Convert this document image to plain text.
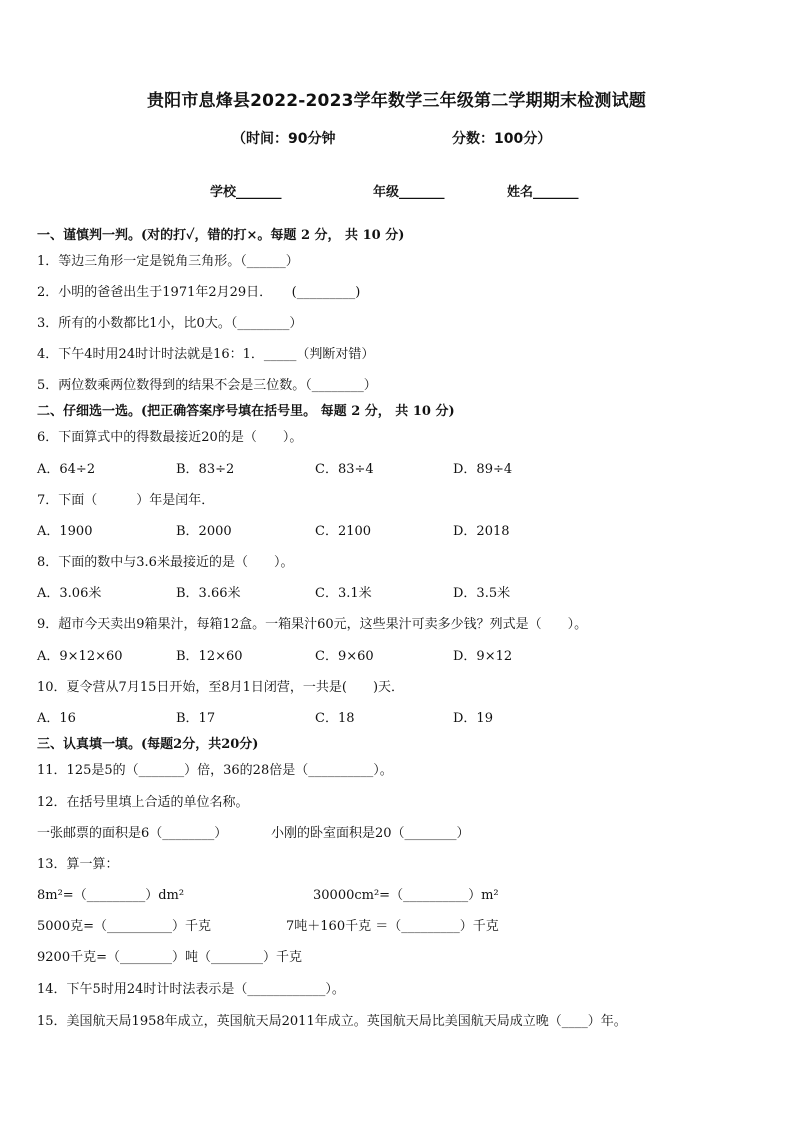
贵阳市息烽县2022-2023学年数学三年级第二学期期末检测试题
（时间：90分钟	分数：100分）
学校_______	年级_______	姓名_______
一、谨慎判一判。(对的打✓，错的打×。每题 2 分， 共 10 分)
1．等边三角形一定是锐角三角形。（______）
2．小明的爸爸出生于1971年2月29日．　　(_________)
3．所有的小数都比1小，比0大。（________）
4．下午4时用24时计时法就是16：1．_____（判断对错）
5．两位数乘两位数得到的结果不会是三位数。（________）
二、仔细选一选。(把正确答案序号填在括号里。 每题 2 分， 共 10 分)
6．下面算式中的得数最接近20的是（　　）。
A．64÷2	B．83÷2	C．83÷4	D．89÷4
7．下面（　　　）年是闰年．
A．1900	B．2000	C．2100	D．2018
8．下面的数中与3.6米最接近的是（　　）。
A．3.06米	B．3.66米	C．3.1米	D．3.5米
9．超市今天卖出9箱果汁，每箱12盒。一箱果汁60元，这些果汁可卖多少钱？列式是（　　）。
A．9×12×60	B．12×60	C．9×60	D．9×12
10．夏令营从7月15日开始，至8月1日闭营，一共是(　　)天．
A．16	B．17	C．18	D．19
三、认真填一填。(每题2分，共20分)
11．125是5的（_______）倍，36的28倍是（__________）。
12．在括号里填上合适的单位名称。
一张邮票的面积是6（________）	小刚的卧室面积是20（________）
13．算一算：
8m²=（_________）dm²	30000cm²=（__________）m²
5000克=（__________）千克	7吨＋160千克 ＝（_________）千克
9200千克=（________）吨（________）千克
14．下午5时用24时计时法表示是（____________）。
15．美国航天局1958年成立，英国航天局2011年成立。英国航天局比美国航天局成立晚（____）年。
